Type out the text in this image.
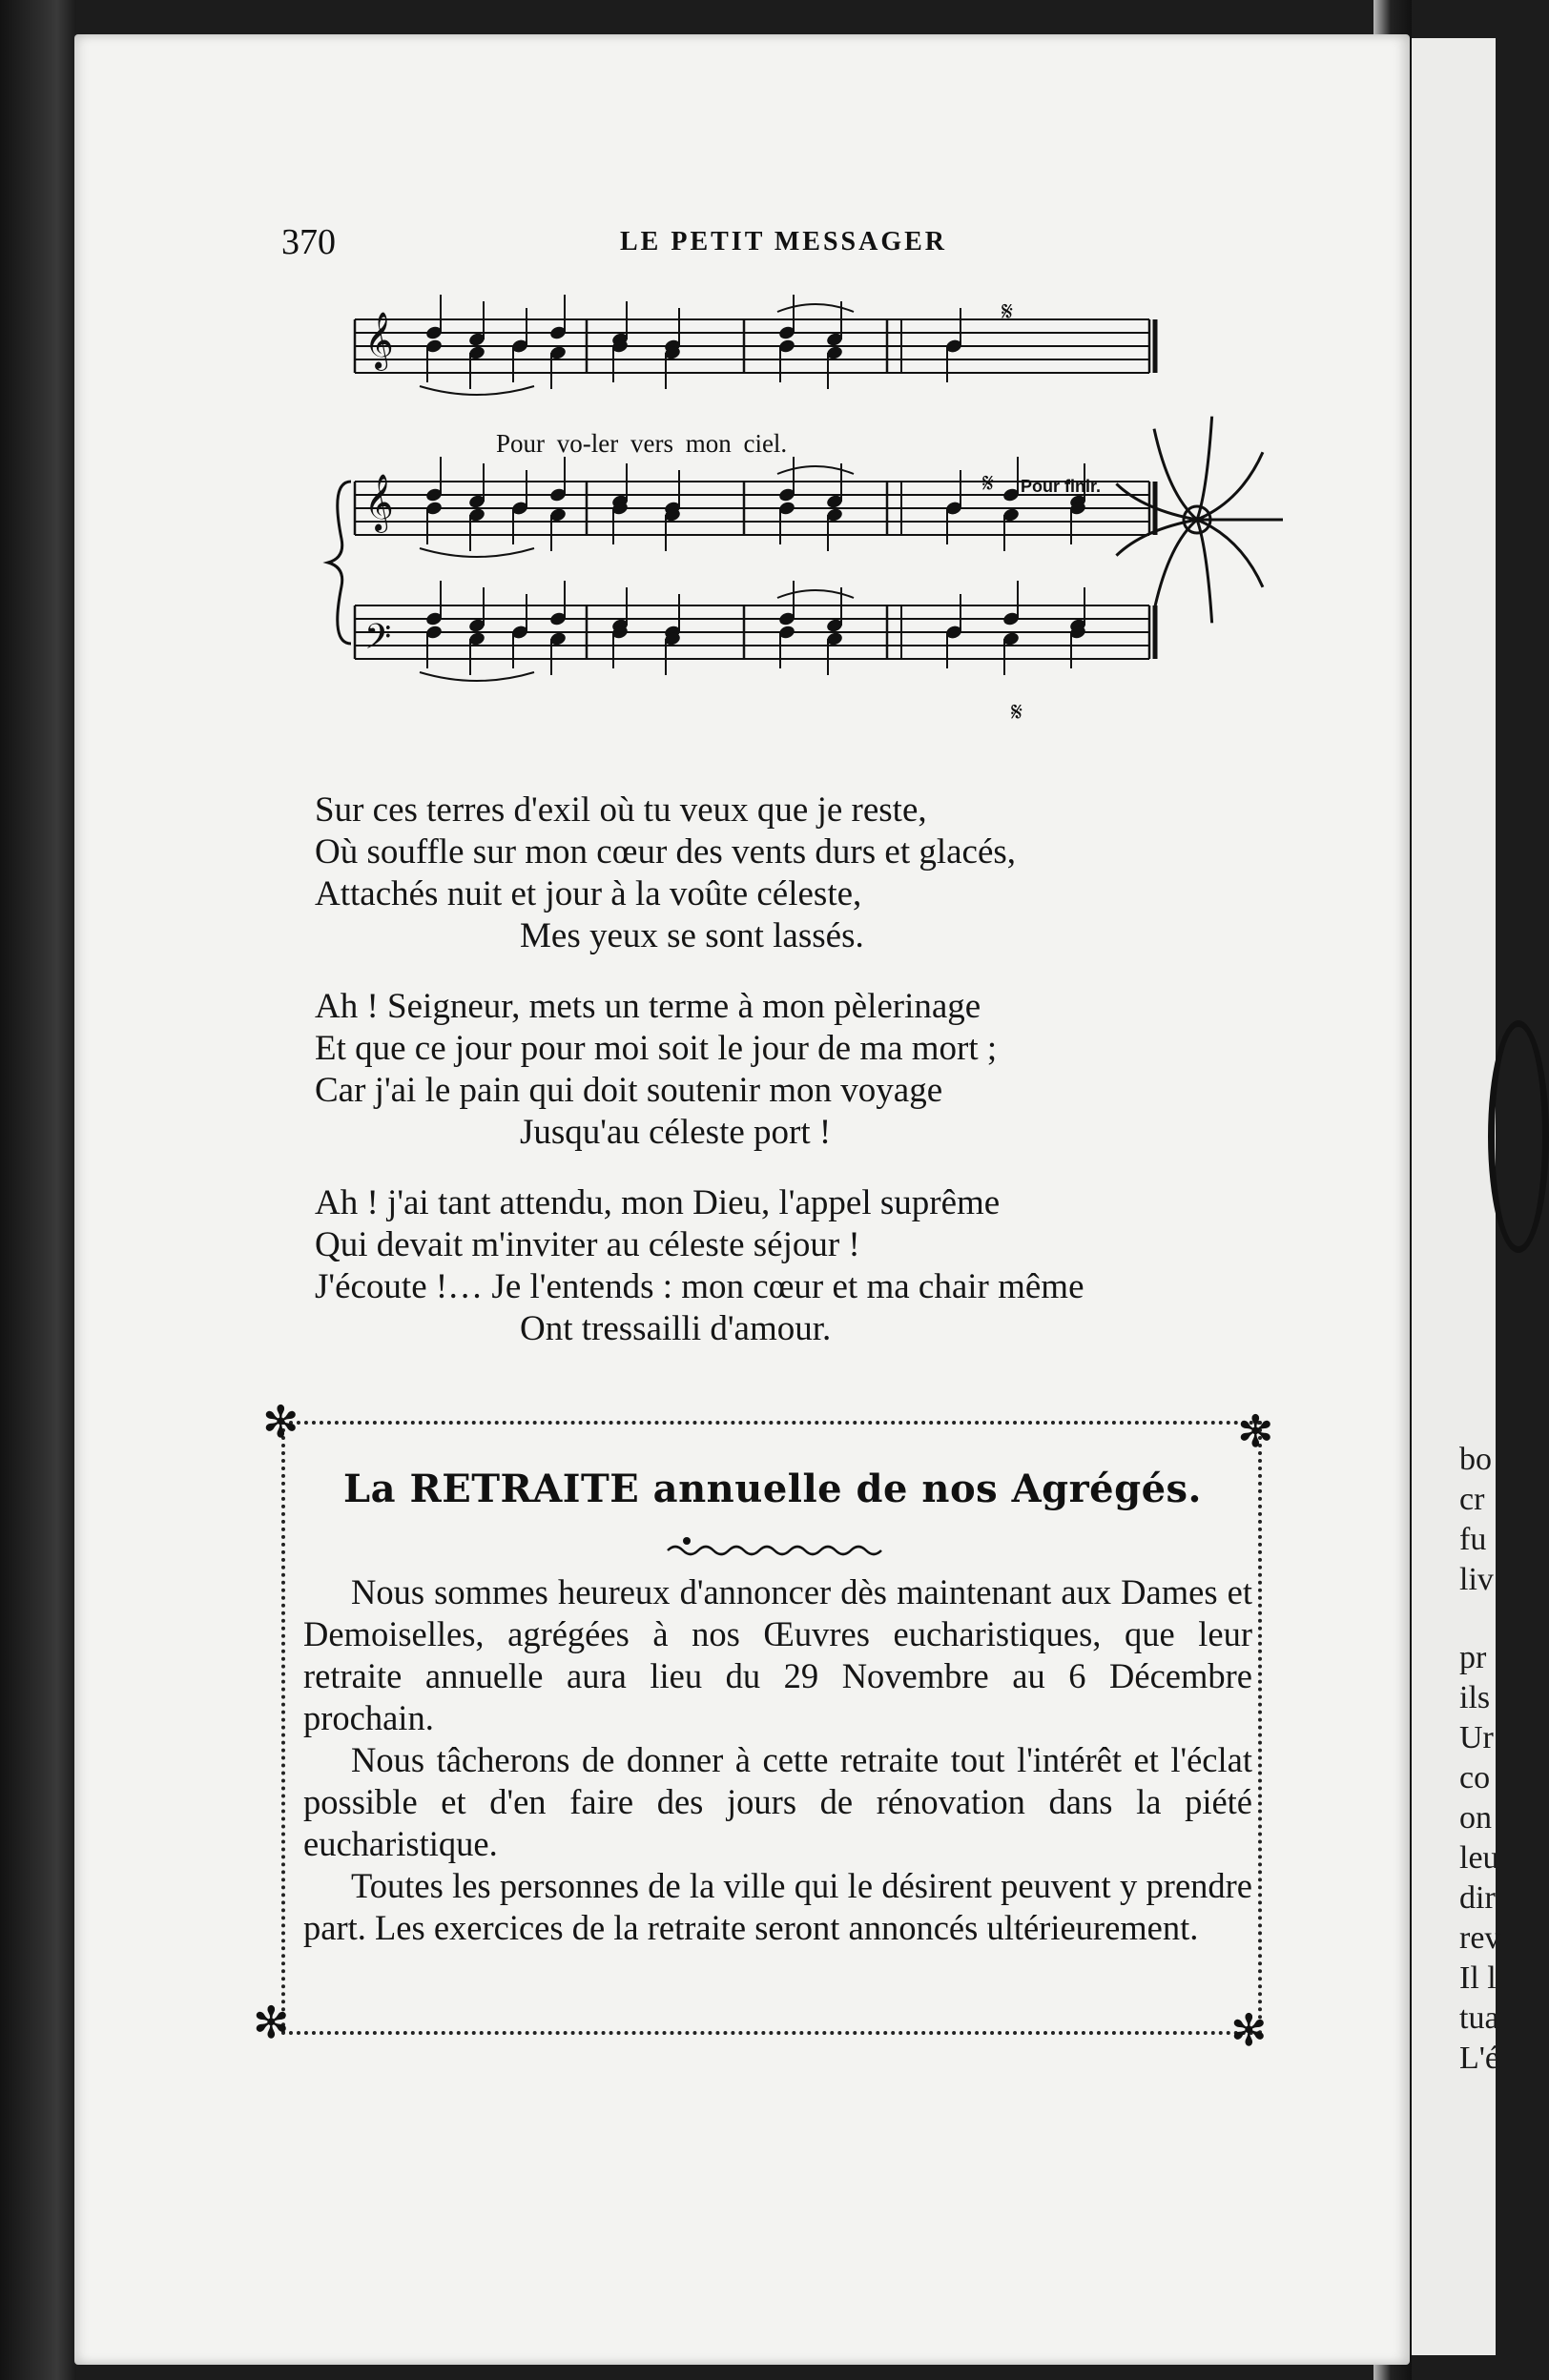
bo
cr
fu
liv
pr
ils
Ur
co
on
leu
dir
rev
Il l
tua
L'é
370	LE PETIT MESSAGER
𝄞
𝄞
𝄢
Pour vo-ler vers mon ciel.
Pour finir.
𝄋
𝄋
𝄋
Sur ces terres d'exil où tu veux que je reste,
Où souffle sur mon cœur des vents durs et glacés,
Attachés nuit et jour à la voûte céleste,
Mes yeux se sont lassés.
Ah ! Seigneur, mets un terme à mon pèlerinage
Et que ce jour pour moi soit le jour de ma mort ;
Car j'ai le pain qui doit soutenir mon voyage
Jusqu'au céleste port !
Ah ! j'ai tant attendu, mon Dieu, l'appel suprême
Qui devait m'inviter au céleste séjour !
J'écoute !… Je l'entends : mon cœur et ma chair même
Ont tressailli d'amour.
✻	✻
✻	✻
La RETRAITE annuelle de nos Agrégés.

Nous sommes heureux d'annoncer dès maintenant aux Dames et Demoiselles, agrégées à nos Œuvres eucharistiques, que leur retraite annuelle aura lieu du 29 Novembre au 6 Décembre prochain.

Nous tâcherons de donner à cette retraite tout l'intérêt et l'éclat possible et d'en faire des jours de rénovation dans la piété eucharistique.

Toutes les personnes de la ville qui le désirent peuvent y prendre part. Les exercices de la retraite seront annoncés ultérieurement.
